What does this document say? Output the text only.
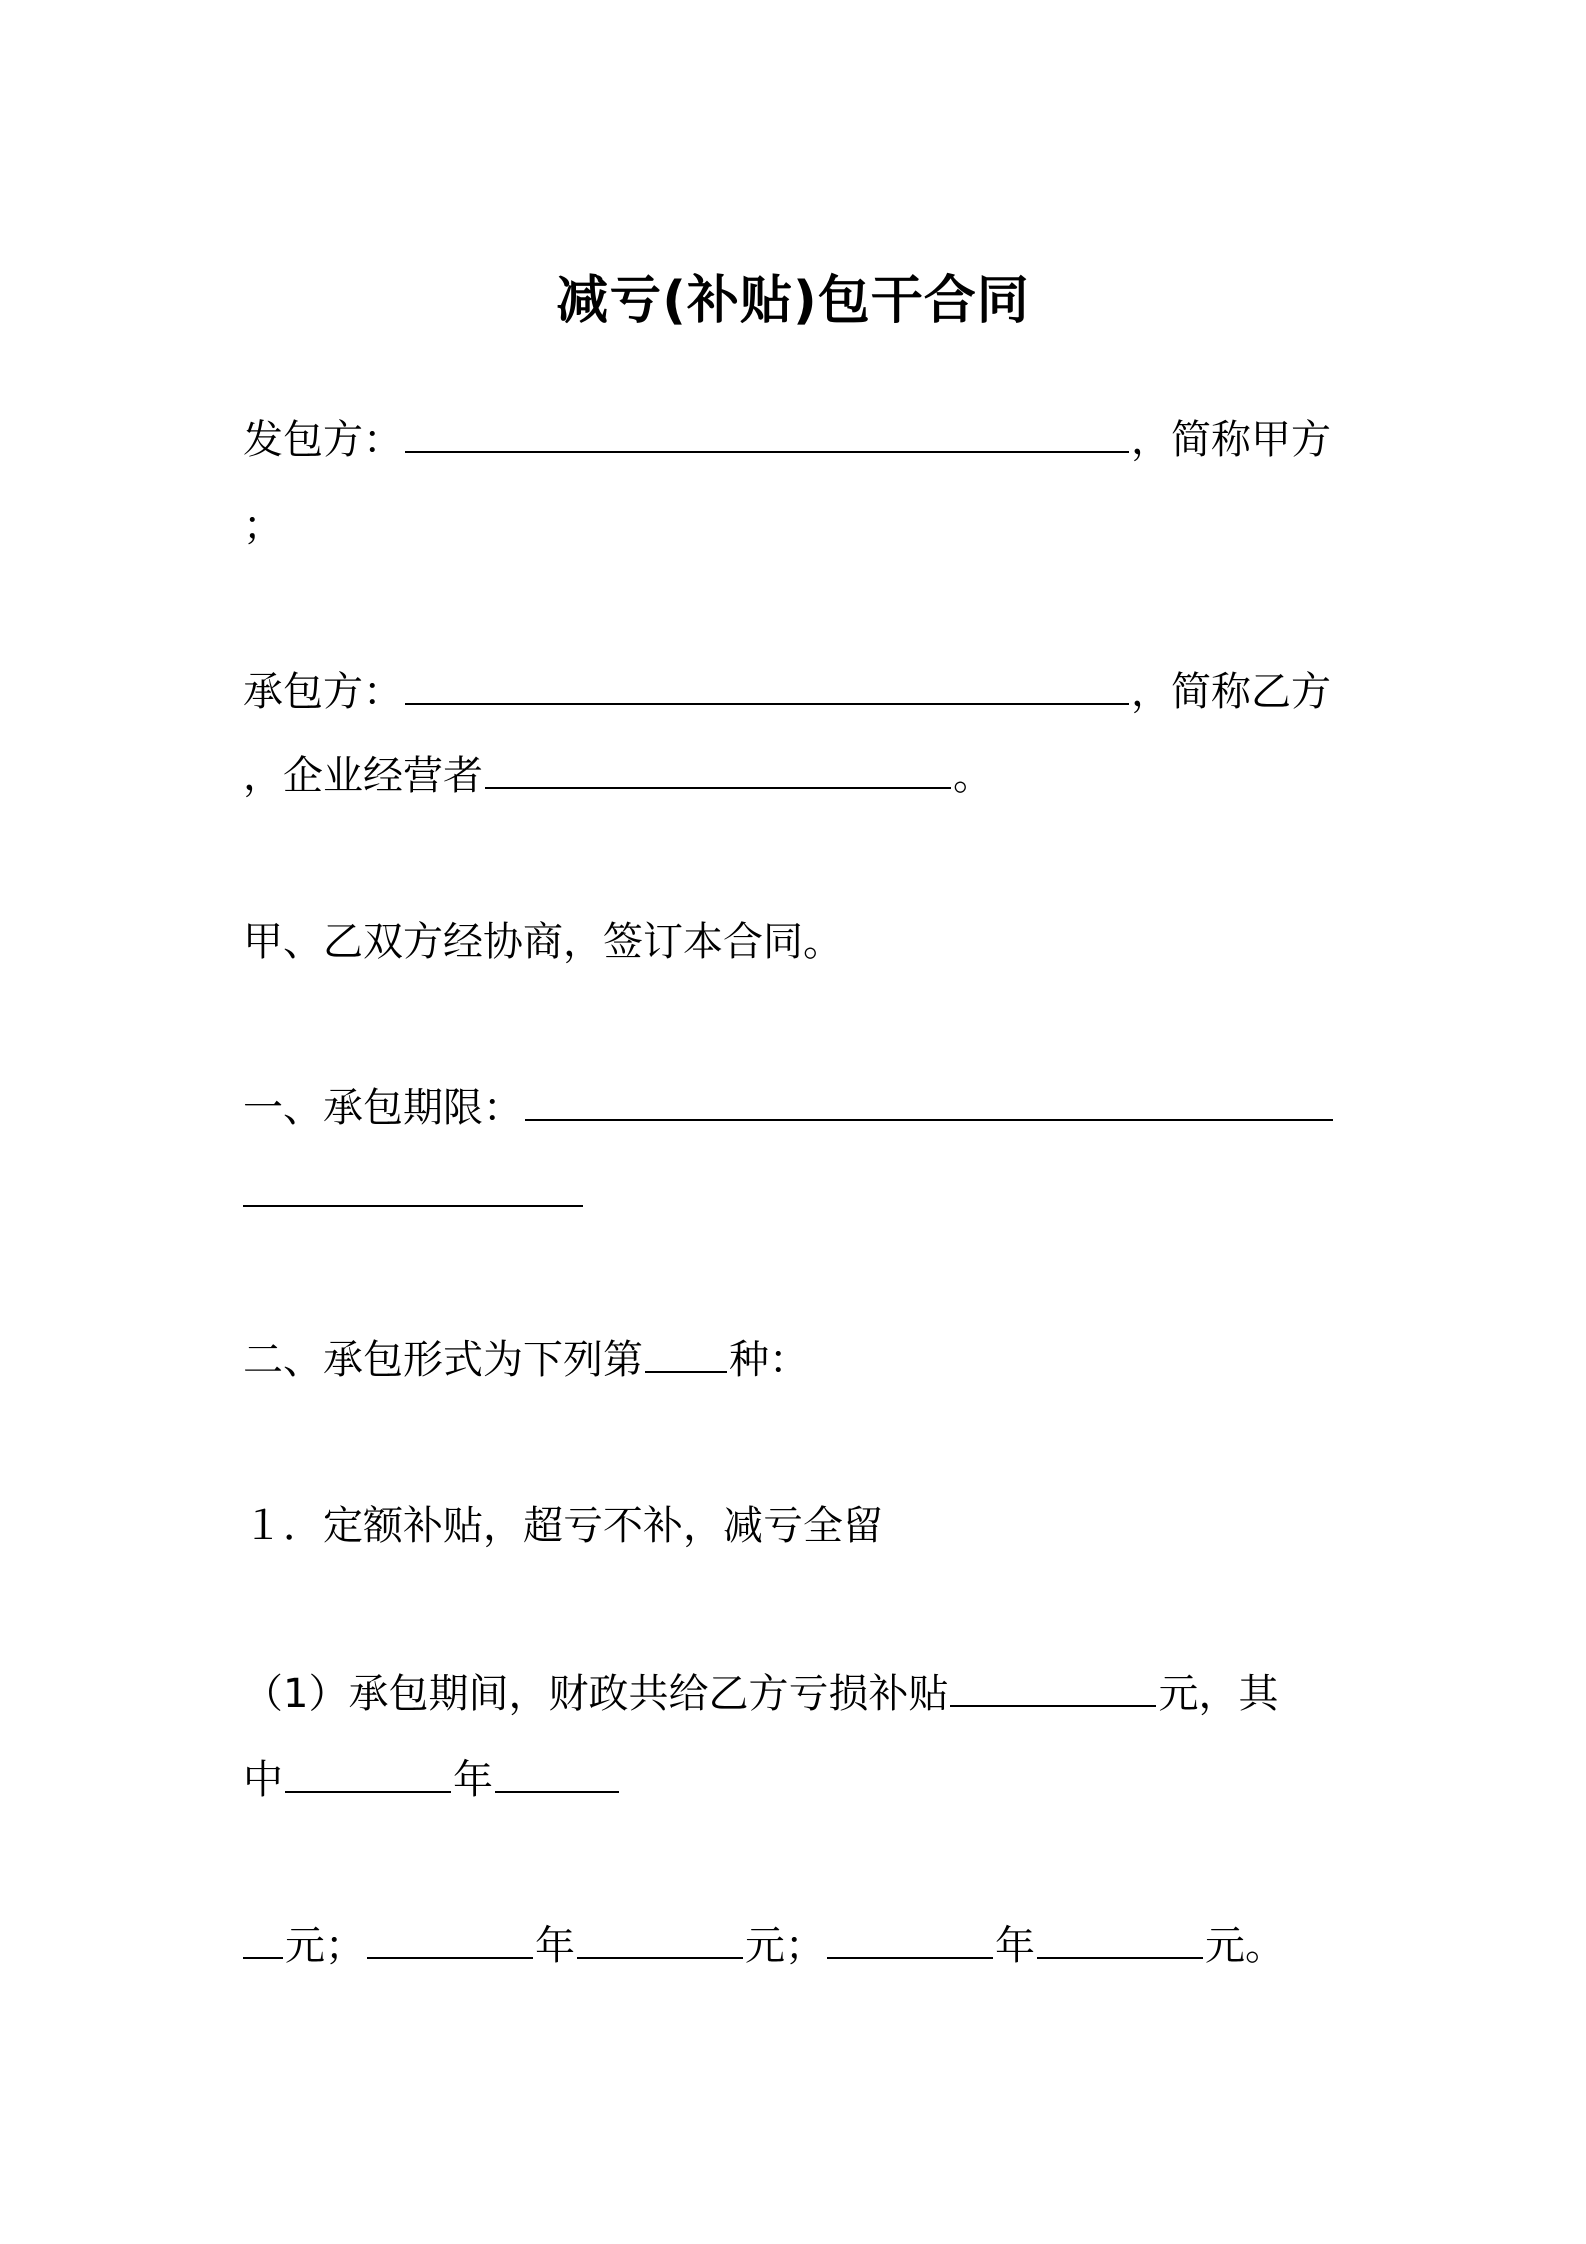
减亏(补贴)包干合同
发包方：	，简称甲方
；
承包方：	，简称乙方
，企业经营者	。
甲、乙双方经协商，签订本合同。
一、承包期限：
二、承包形式为下列第 种：
１．定额补贴，超亏不补，减亏全留
（1）承包期间，财政共给乙方亏损补贴	元，其
中	年
元；	年	元；	年	元。
